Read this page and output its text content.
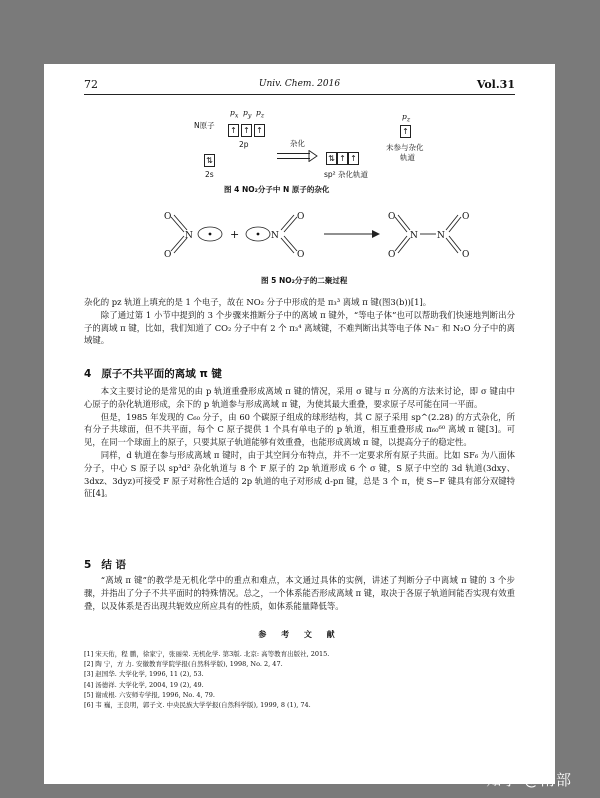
72	Univ. Chem. 2016	Vol.31
N原子
$p_x$ $p_y$ $p_z$
↑ ↑ ↑
2p
⇅
2s
杂化
⇅ ↑ ↑
sp² 杂化轨道
$p_z$
↑
未参与杂化
轨道
图 4 NO₂分子中 N 原子的杂化
O
O
N	+	N
O
O
O
O
N N
O
O
图 5 NO₂分子的二聚过程

杂化的 pz 轨道上填充的是 1 个电子，故在 NO₂ 分子中形成的是 π₃³ 离域 π 键(图3(b))[1]。

除了通过第 1 小节中提到的 3 个步骤来推断分子中的离域 π 键外，“等电子体”也可以帮助我们快速地判断出分子的离域 π 键，比如，我们知道了 CO₂ 分子中有 2 个 π₃⁴ 离域键，不难判断出其等电子体 N₃⁻ 和 N₂O 分子中的离域键。

4 原子不共平面的离域 π 键

本文主要讨论的是常见的由 p 轨道重叠形成离域 π 键的情况，采用 σ 键与 π 分离的方法来讨论，即 σ 键由中心原子的杂化轨道形成，余下的 p 轨道参与形成离域 π 键，为使其最大重叠，要求原子尽可能在同一平面。

但是，1985 年发现的 C₆₀ 分子，由 60 个碳原子组成的球形结构，其 C 原子采用 sp^(2.28) 的方式杂化，所有分子共球面，但不共平面，每个 C 原子提供 1 个具有单电子的 p 轨道，相互重叠形成 π₆₀⁶⁰ 离域 π 键[3]。可见，在同一个球面上的原子，只要其原子轨道能够有效重叠，也能形成离域 π 键，以提高分子的稳定性。

同样，d 轨道在参与形成离域 π 键时，由于其空间分布特点，并不一定要求所有原子共面。比如 SF₆ 为八面体分子，中心 S 原子以 sp³d² 杂化轨道与 8 个 F 原子的 2p 轨道形成 6 个 σ 键，S 原子中空的 3d 轨道(3dxy、3dxz、3dyz)可接受 F 原子对称性合适的 2p 轨道的电子对形成 d-pπ 键，总是 3 个 π，使 S−F 键具有部分双键特征[4]。

5 结 语

“离域 π 键”的教学是无机化学中的重点和难点，本文通过具体的实例，讲述了判断分子中离域 π 键的 3 个步骤，并指出了分子不共平面时的特殊情况。总之，一个体系能否形成离域 π 键，取决于各原子轨道间能否实现有效重叠，以及体系是否出现共轭效应所应具有的性质，如体系能量降低等。

参 考 文 献
[1] 宋天佑，程 鹏，徐家宁，张丽荣. 无机化学. 第3版. 北京: 高等教育出版社, 2015.
[2] 陶 宁，方 力. 安徽教育学院学报(自然科学版), 1998, No. 2, 47.
[3] 赵国华. 大学化学, 1996, 11 (2), 53.
[4] 汤德祥. 大学化学, 2004, 19 (2), 49.
[5] 谢成根. 六安师专学报, 1996, No. 4, 79.
[6] 韦 巍，王良明，郭子文. 中央民族大学学报(自然科学版), 1999, 8 (1), 74.
知乎 @南部
